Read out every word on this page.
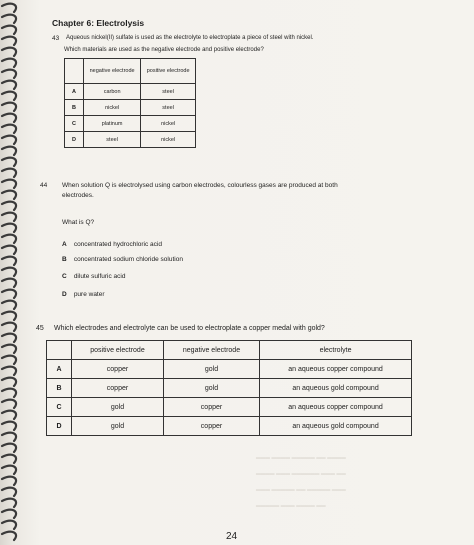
Chapter 6: Electrolysis
43 Aqueous nickel(II) sulfate is used as the electrolyte to electroplate a piece of steel with nickel.
Which materials are used as the negative electrode and positive electrode?
	negative electrode	positive electrode
A	carbon	steel
B	nickel	steel
C	platinum	nickel
D	steel	nickel
44 When solution Q is electrolysed using carbon electrodes, colourless gases are produced at both
electrodes.
What is Q?
A concentrated hydrochloric acid
B concentrated sodium chloride solution
C dilute sulfuric acid
D pure water
45 Which electrodes and electrolyte can be used to electroplate a copper medal with gold?
	positive electrode	negative electrode	electrolyte
A	copper	gold	an aqueous copper compound
B	copper	gold	an aqueous gold compound
C	gold	copper	an aqueous copper compound
D	gold	copper	an aqueous gold compound
▁▁▁ ▁▁▁▁ ▁▁▁▁▁ ▁▁ ▁▁▁▁
▁▁▁▁ ▁▁▁ ▁▁▁▁▁▁ ▁▁▁ ▁▁
▁▁▁ ▁▁▁▁▁ ▁▁ ▁▁▁▁▁ ▁▁▁
▁▁▁▁▁ ▁▁▁ ▁▁▁▁ ▁▁
24
